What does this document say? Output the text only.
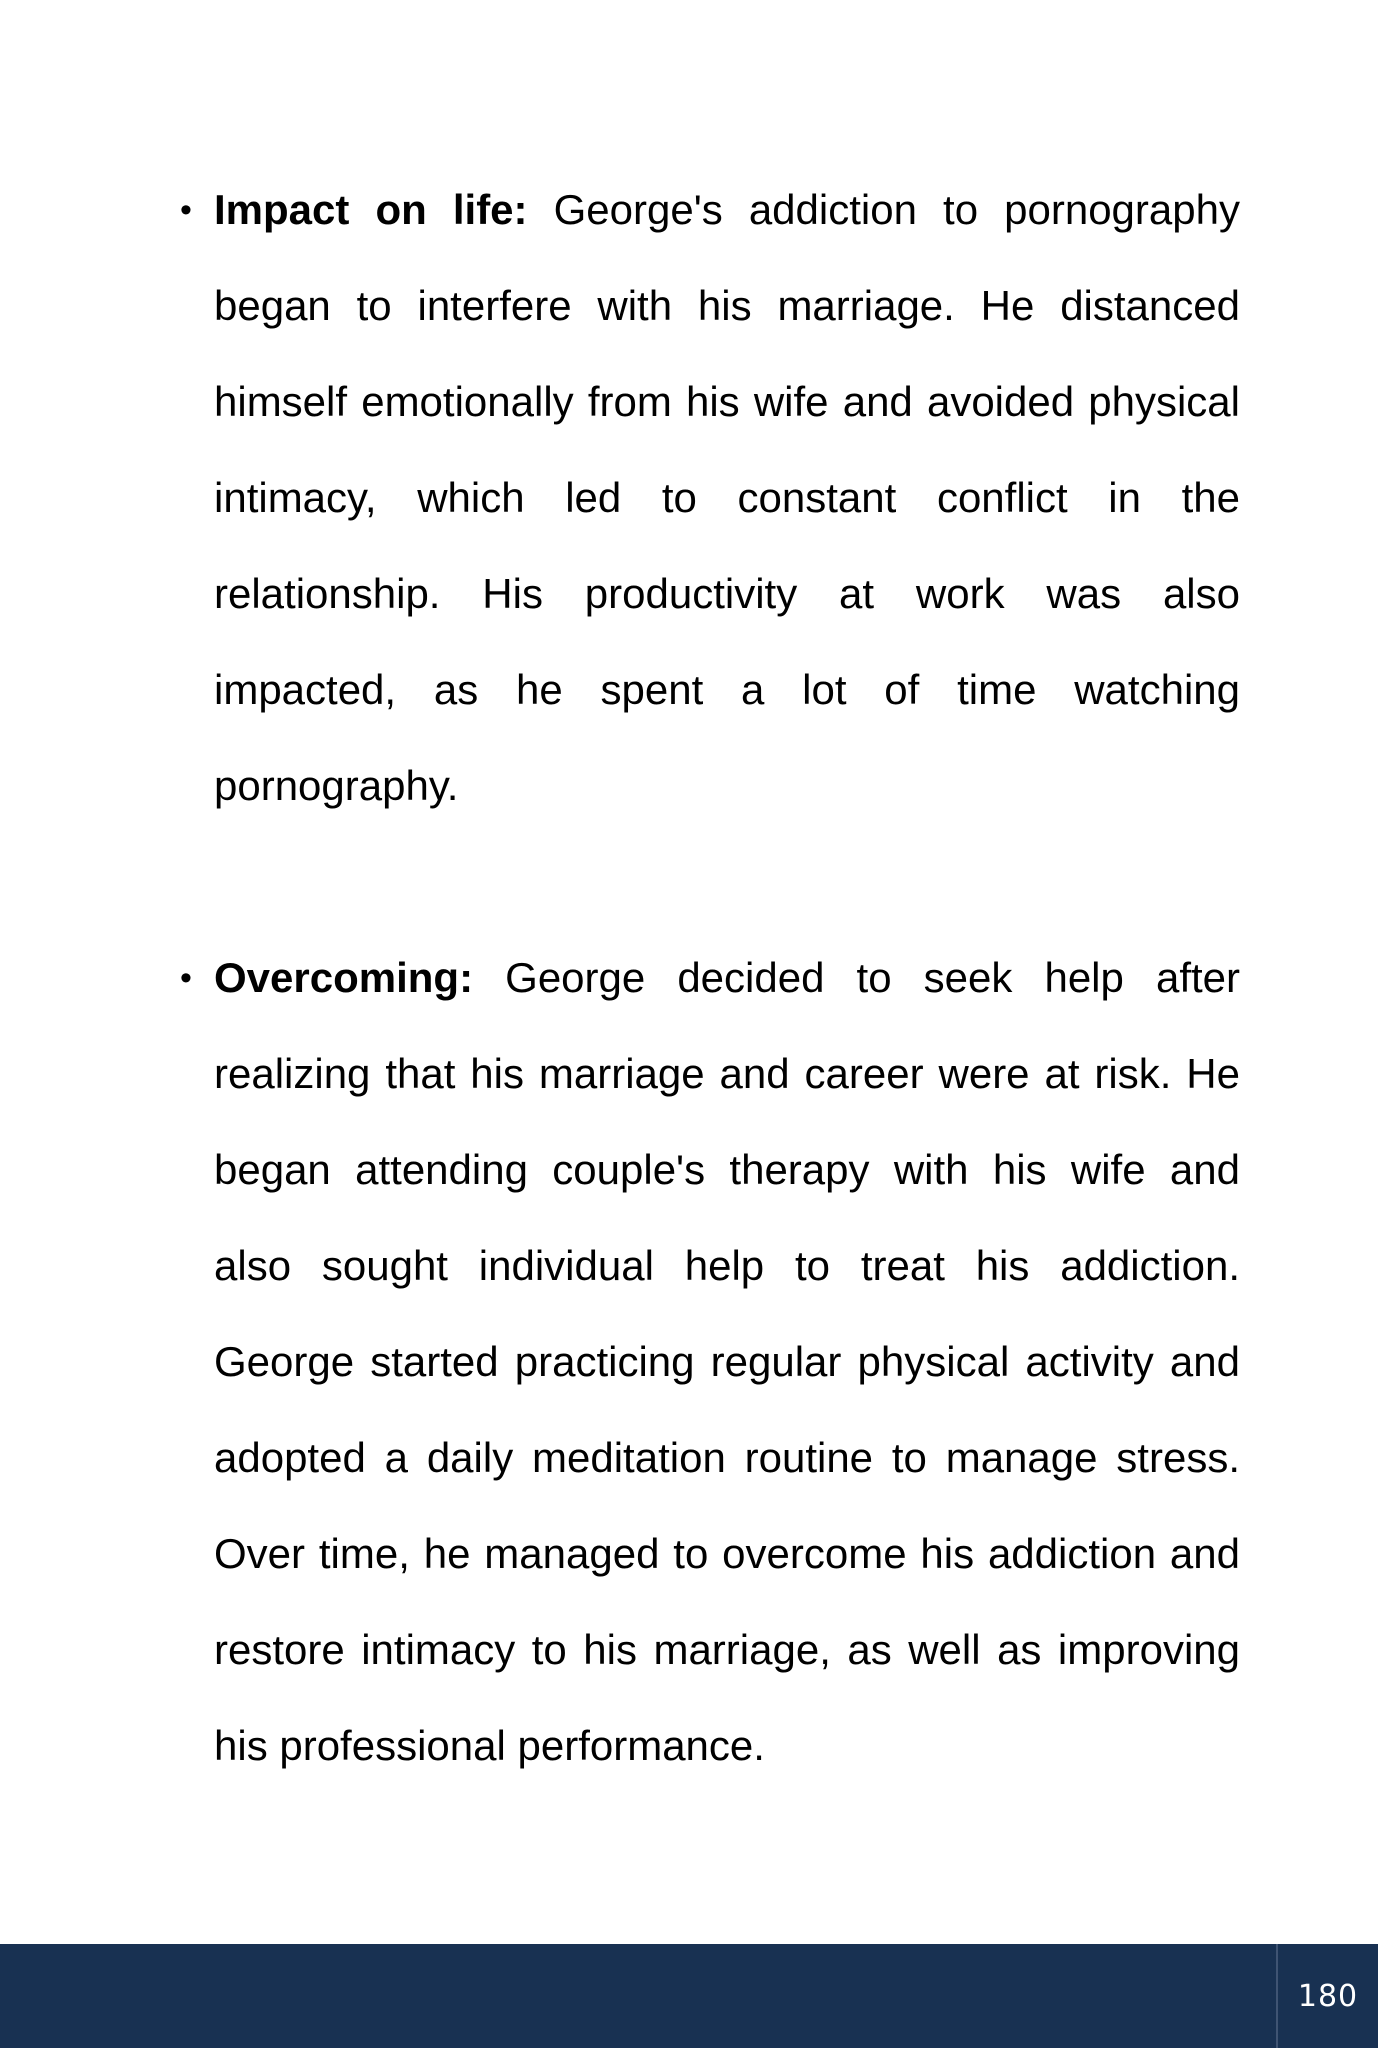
• Impact on life: George's addiction to pornography began to interfere with his marriage. He distanced himself emotionally from his wife and avoided physical intimacy, which led to constant conflict in the relationship. His productivity at work was also impacted, as he spent a lot of time watching pornography.
• Overcoming: George decided to seek help after realizing that his marriage and career were at risk. He began attending couple's therapy with his wife and also sought individual help to treat his addiction. George started practicing regular physical activity and adopted a daily meditation routine to manage stress. Over time, he managed to overcome his addiction and restore intimacy to his marriage, as well as improving his professional performance.
180
